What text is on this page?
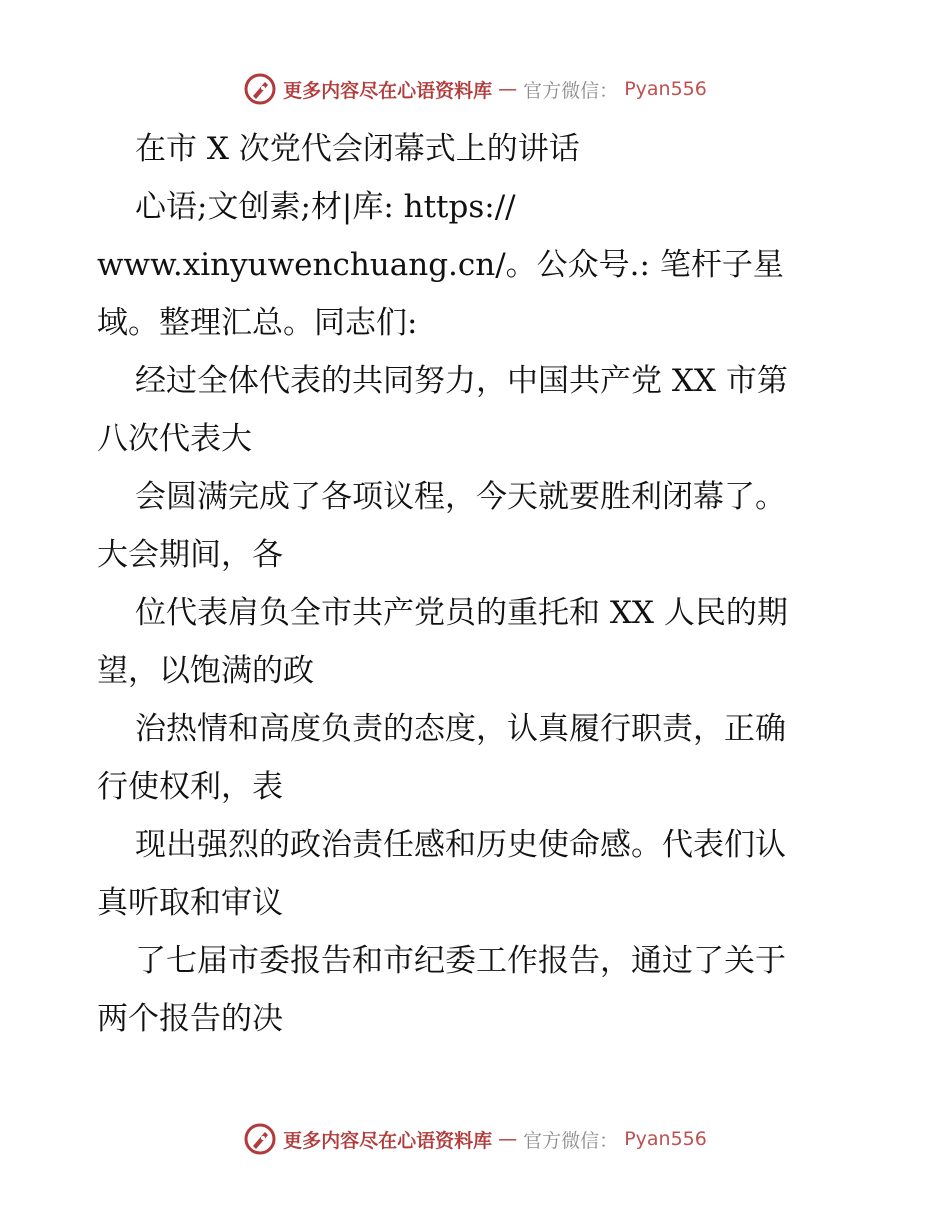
更多内容尽在心语资料库 — 官方微信： Pyan556
在市 X 次党代会闭幕式上的讲话
心语;文创素;材|库: https://
www.xinyuwenchuang.cn/。公众号.: 笔杆子星
域。整理汇总。同志们:
经过全体代表的共同努力，中国共产党 XX 市第
八次代表大
会圆满完成了各项议程，今天就要胜利闭幕了。
大会期间，各
位代表肩负全市共产党员的重托和 XX 人民的期
望，以饱满的政
治热情和高度负责的态度，认真履行职责，正确
行使权利，表
现出强烈的政治责任感和历史使命感。代表们认
真听取和审议
了七届市委报告和市纪委工作报告，通过了关于
两个报告的决
更多内容尽在心语资料库 — 官方微信： Pyan556
